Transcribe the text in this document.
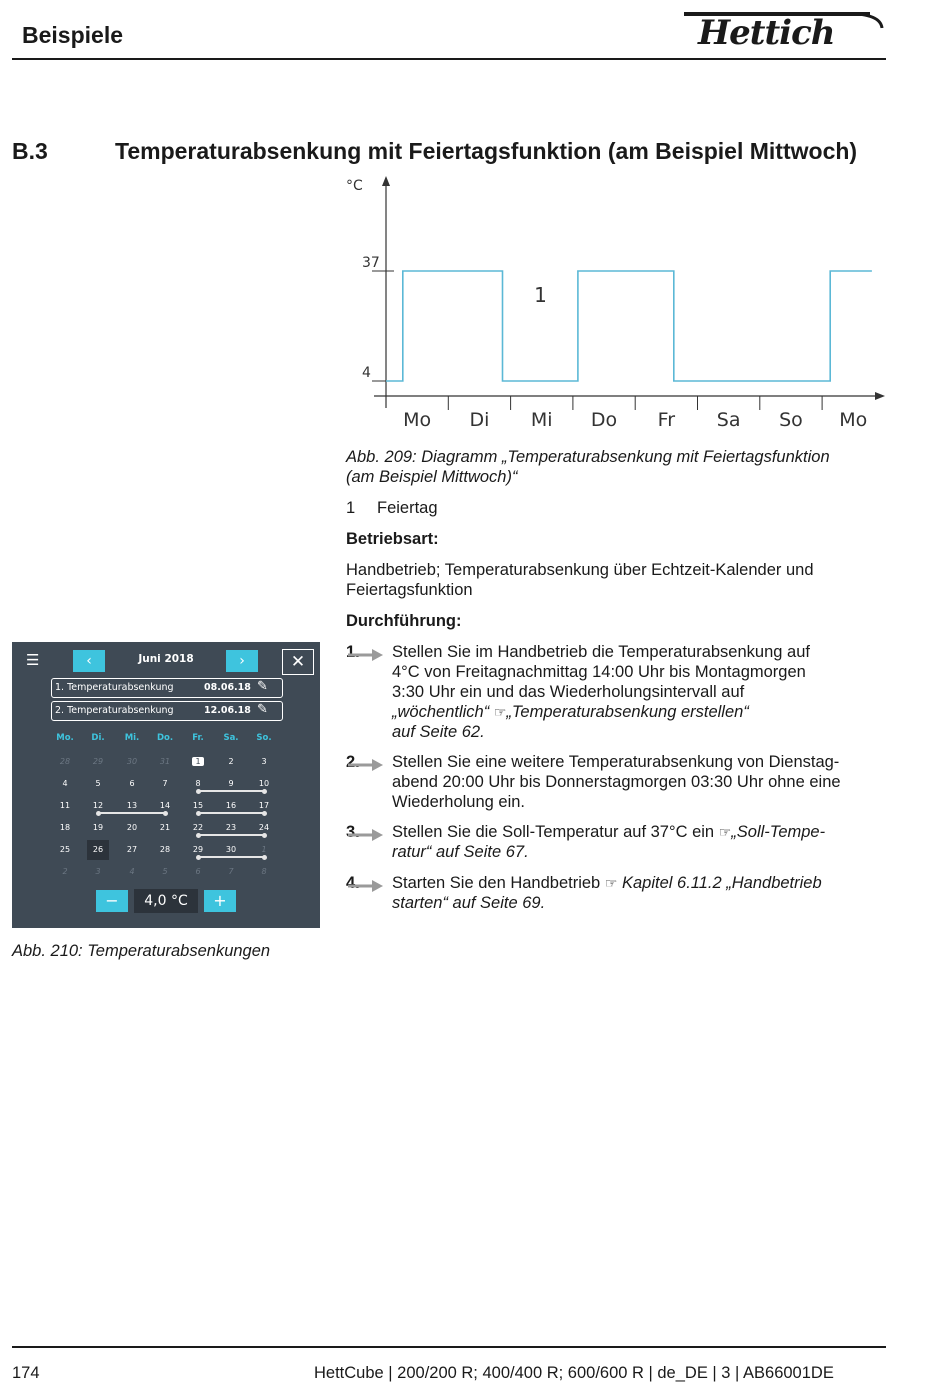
Beispiele	Hettich
B.3	Temperaturabsenkung mit Feiertagsfunktion (am Beispiel Mittwoch)
°C
37
4
Mo Di Mi Do Fr Sa So Mo
1
Abb. 209: Diagramm „Temperaturabsenkung mit Feiertagsfunktion
(am Beispiel Mittwoch)“
1 Feiertag
Betriebsart:
Handbetrieb; Temperaturabsenkung über Echtzeit-Kalender und
Feiertagsfunktion
Durchführung:
1. Stellen Sie im Handbetrieb die Temperaturabsenkung auf
4°C von Freitagnachmittag 14:00 Uhr bis Montagmorgen
3:30 Uhr ein und das Wiederholungsintervall auf
„wöchentlich“ ☞„Temperaturabsenkung erstellen“
auf Seite 62.
2. Stellen Sie eine weitere Temperaturabsenkung von Dienstag-
abend 20:00 Uhr bis Donnerstagmorgen 03:30 Uhr ohne eine
Wiederholung ein.
3. Stellen Sie die Soll-Temperatur auf 37°C ein ☞„Soll-Tempe-
ratur“ auf Seite 67.
4. Starten Sie den Handbetrieb ☞ Kapitel 6.11.2 „Handbetrieb
starten“ auf Seite 69.
☰	‹	Juni 2018	›	✕
1. Temperaturabsenkung	08.06.18 ✎
2. Temperaturabsenkung	12.06.18 ✎
Mo.	Di.	Mi.	Do.	Fr.	Sa.	So.
28	29	30	31	1	2	3
4	5	6	7	8	9	10
11	12	13	14	15	16	17
18	19	20	21	22	23	24
25	26	27	28	29	30	1
2	3	4	5	6	7	8
−	4,0 °C	+
Abb. 210: Temperaturabsenkungen
174	HettCube | 200/200 R; 400/400 R; 600/600 R | de_DE | 3 | AB66001DE
